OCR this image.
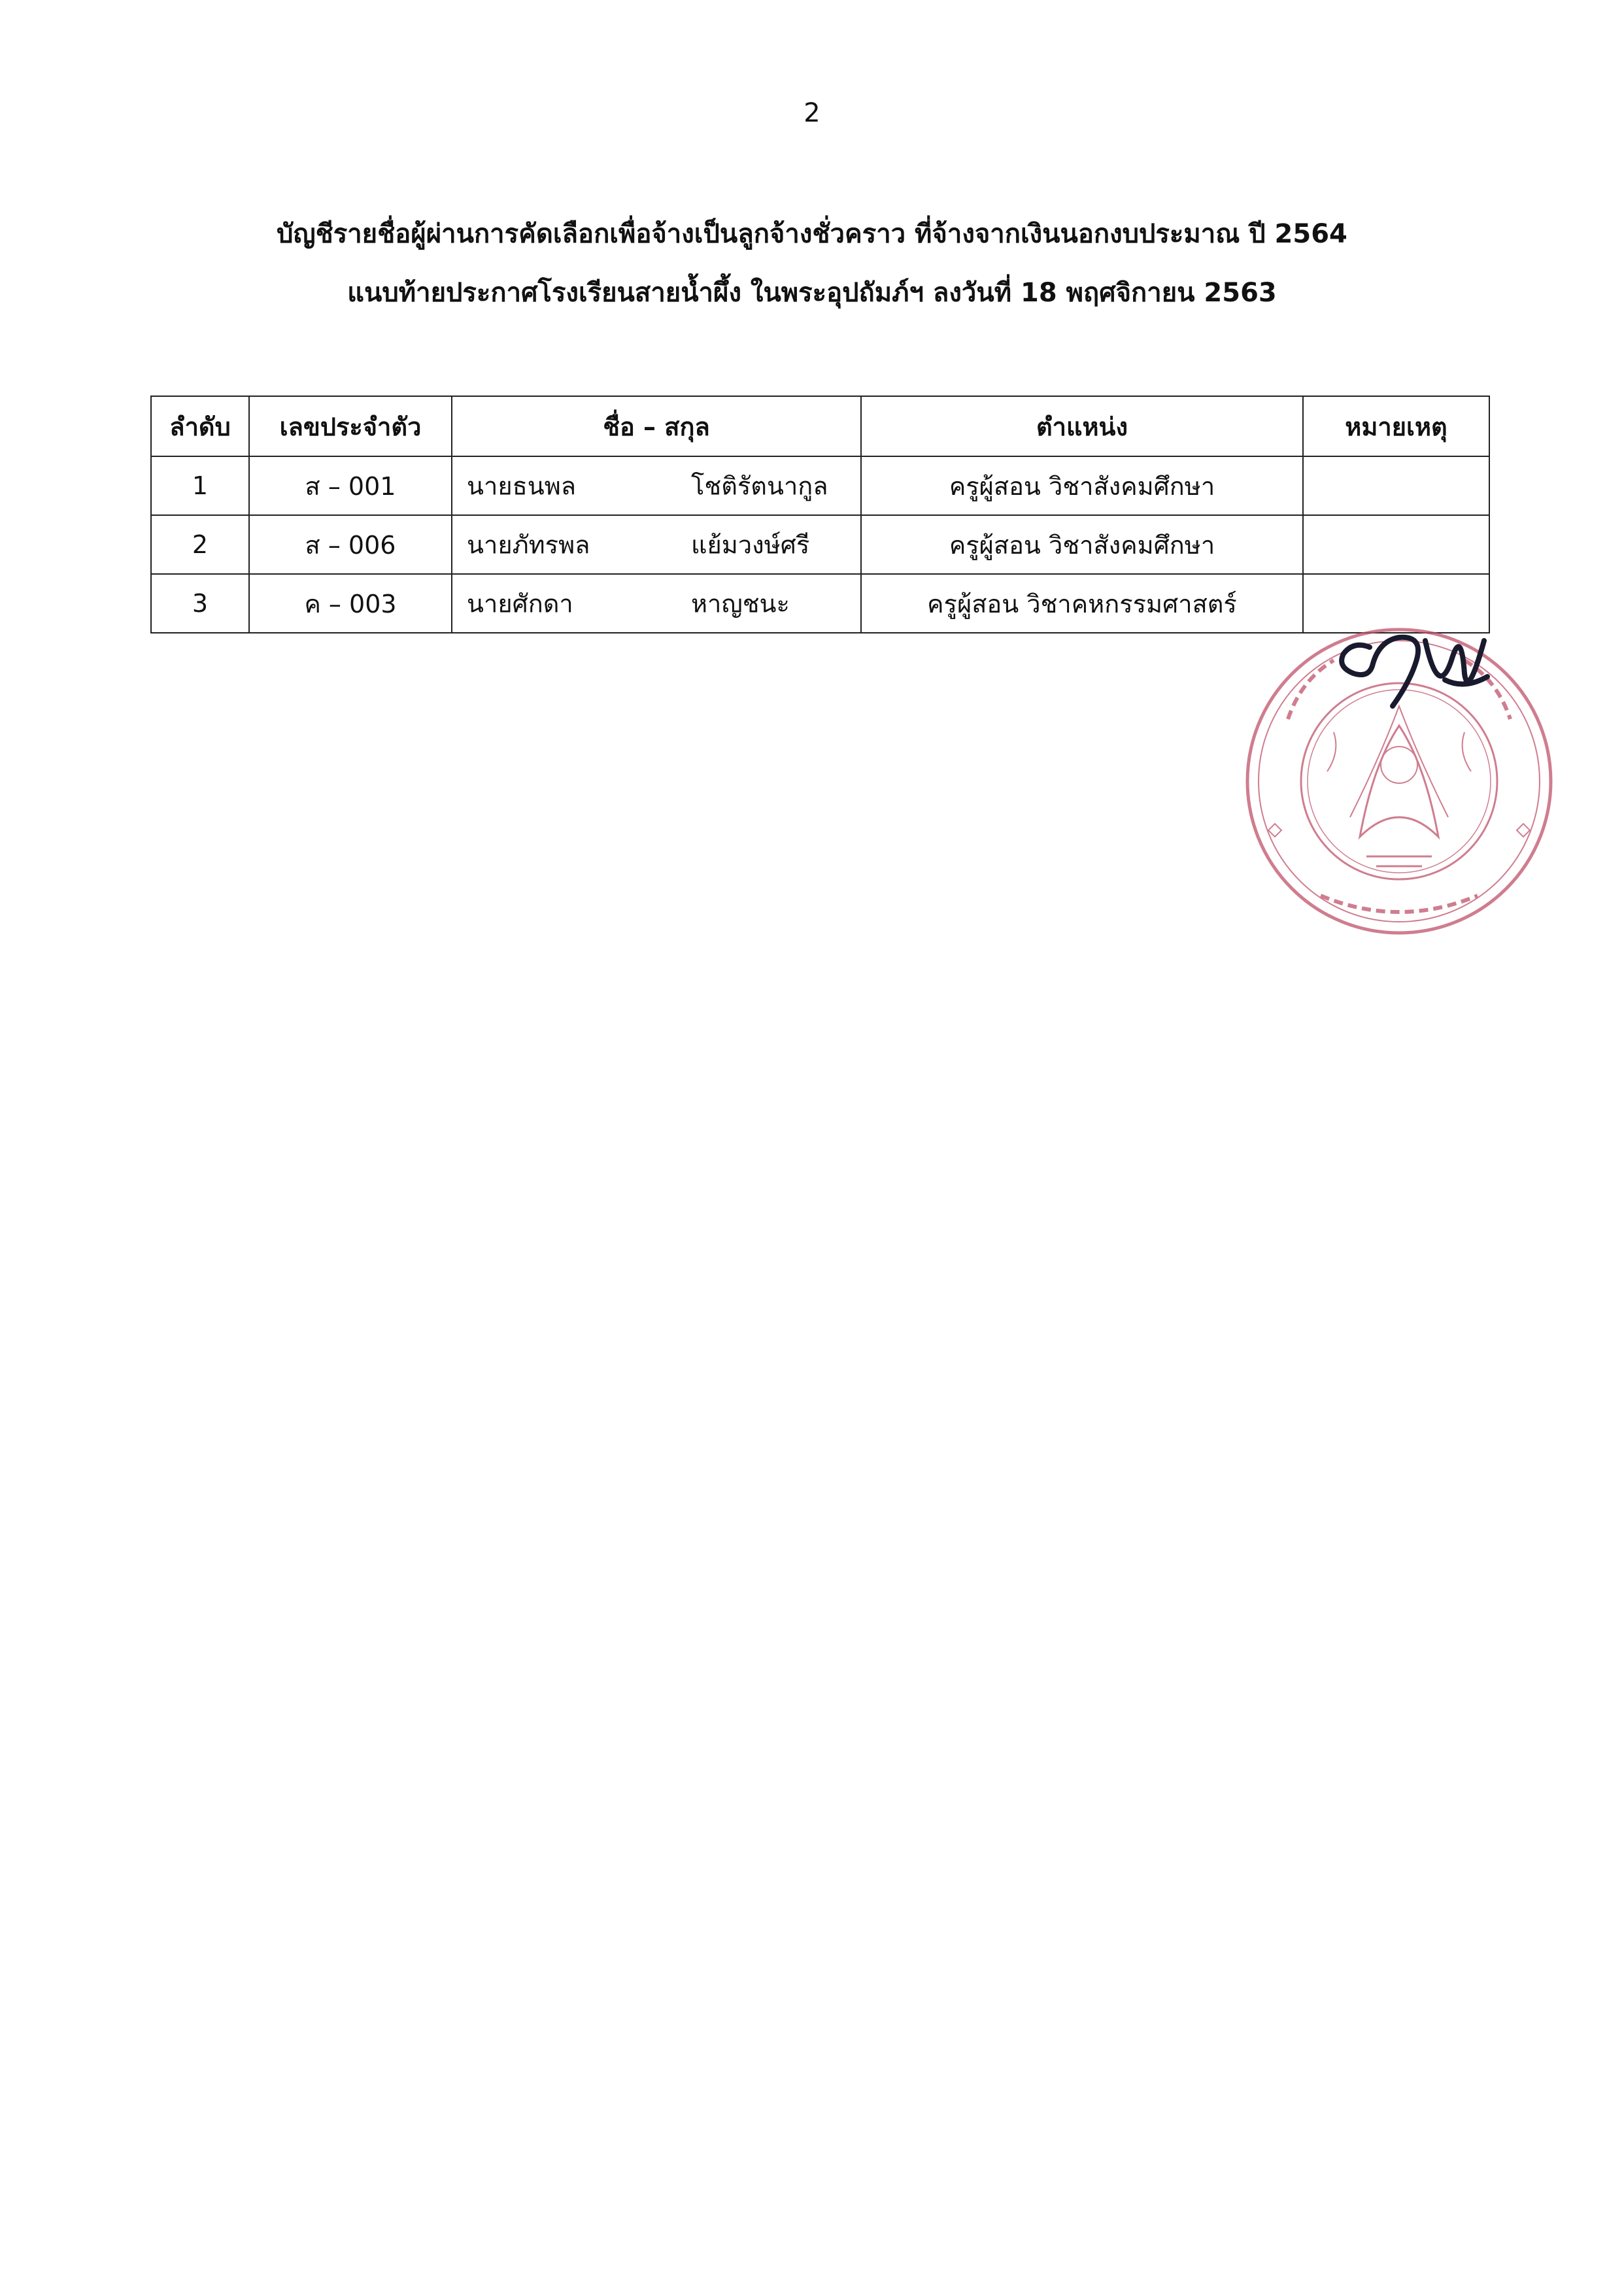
2
บัญชีรายชื่อผู้ผ่านการคัดเลือกเพื่อจ้างเป็นลูกจ้างชั่วคราว ที่จ้างจากเงินนอกงบประมาณ ปี 2564
แนบท้ายประกาศโรงเรียนสายน้ำผึ้ง ในพระอุปถัมภ์ฯ ลงวันที่ 18 พฤศจิกายน 2563
ลำดับ	เลขประจำตัว	ชื่อ – สกุล	ตำแหน่ง	หมายเหตุ
1	ส – 001	นายธนพล โชติรัตนากูล	ครูผู้สอน วิชาสังคมศึกษา	
2	ส – 006	นายภัทรพล แย้มวงษ์ศรี	ครูผู้สอน วิชาสังคมศึกษา	
3	ค – 003	นายศักดา หาญชนะ	ครูผู้สอน วิชาคหกรรมศาสตร์	
